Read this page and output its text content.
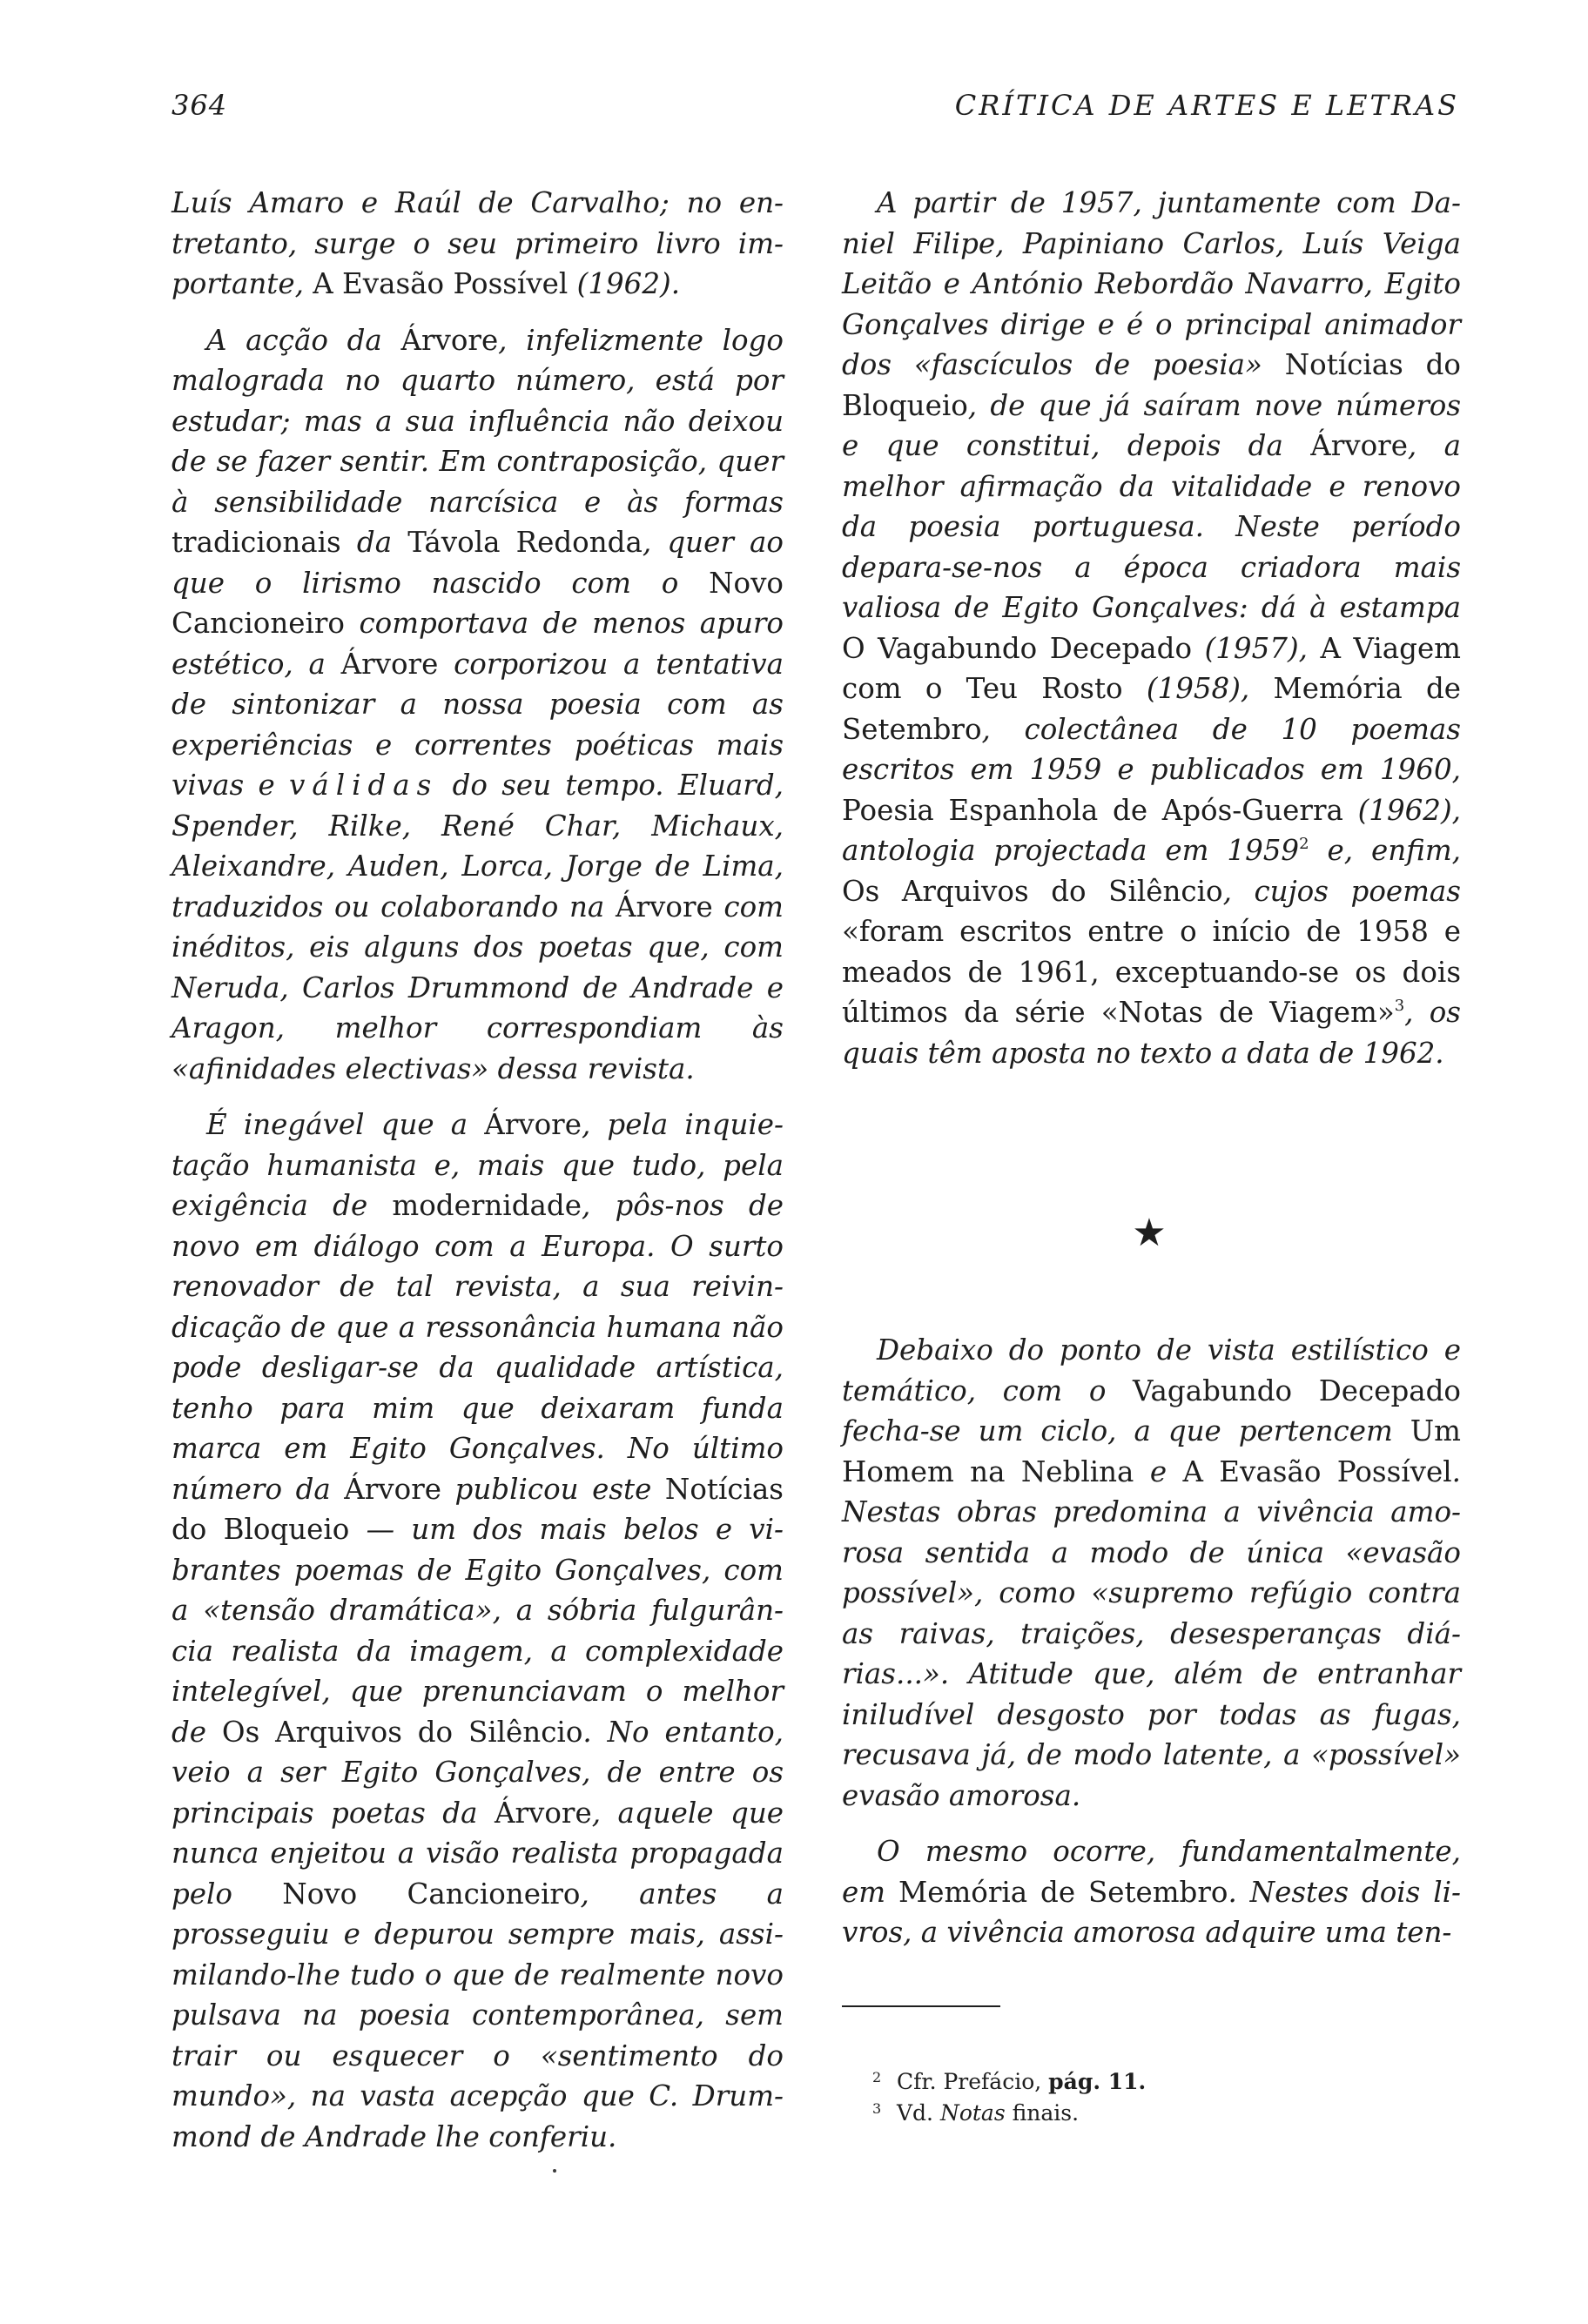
364	CRÍTICA DE ARTES E LETRAS

Luís Amaro e Raúl de Carvalho; no entretanto, surge o seu primeiro livro importante, A Evasão Possível (1962).

A acção da Árvore, infelizmente logo malograda no quarto número, está por estudar; mas a sua influência não deixou de se fazer sentir. Em contraposição, quer à sensibilidade narcísica e às formas tradicionais da Távola Redonda, quer ao que o lirismo nascido com o Novo Cancioneiro comportava de menos apuro estético, a Árvore corporizou a tentativa de sintonizar a nossa poesia com as experiências e correntes poéticas mais vivas e válidas do seu tempo. Eluard, Spender, Rilke, René Char, Michaux, Aleixandre, Auden, Lorca, Jorge de Lima, traduzidos ou colaborando na Árvore com inéditos, eis alguns dos poetas que, com Neruda, Carlos Drummond de Andrade e Aragon, melhor correspondiam às «afinidades electivas» dessa revista.

É inegável que a Árvore, pela inquietação humanista e, mais que tudo, pela exigência de modernidade, pôs-nos de novo em diálogo com a Europa. O surto renovador de tal revista, a sua reivindicação de que a ressonância humana não pode desligar-se da qualidade artística, tenho para mim que deixaram funda marca em Egito Gonçalves. No último número da Árvore publicou este Notícias do Bloqueio — um dos mais belos e vibrantes poemas de Egito Gonçalves, com a «tensão dramática», a sóbria fulgurância realista da imagem, a complexidade intelegível, que prenunciavam o melhor de Os Arquivos do Silêncio. No entanto, veio a ser Egito Gonçalves, de entre os principais poetas da Árvore, aquele que nunca enjeitou a visão realista propagada pelo Novo Cancioneiro, antes a prosseguiu e depurou sempre mais, assimilando-lhe tudo o que de realmente novo pulsava na poesia contemporânea, sem trair ou esquecer o «sentimento do mundo», na vasta acepção que C. Drummond de Andrade lhe conferiu.

A partir de 1957, juntamente com Daniel Filipe, Papiniano Carlos, Luís Veiga Leitão e António Rebordão Navarro, Egito Gonçalves dirige e é o principal animador dos «fascículos de poesia» Notícias do Bloqueio, de que já saíram nove números e que constitui, depois da Árvore, a melhor afirmação da vitalidade e renovo da poesia portuguesa. Neste período depara-se-nos a época criadora mais valiosa de Egito Gonçalves: dá à estampa O Vagabundo Decepado (1957), A Viagem com o Teu Rosto (1958), Memória de Setembro, colectânea de 10 poemas escritos em 1959 e publicados em 1960, Poesia Espanhola de Após-Guerra (1962), antologia projectada em 1959$^2$ e, enfim, Os Arquivos do Silêncio, cujos poemas «foram escritos entre o início de 1958 e meados de 1961, exceptuando-se os dois últimos da série «Notas de Viagem»$^3$, os quais têm aposta no texto a data de 1962.

★

Debaixo do ponto de vista estilístico e temático, com o Vagabundo Decepado fecha-se um ciclo, a que pertencem Um Homem na Neblina e A Evasão Possível. Nestas obras predomina a vivência amorosa sentida a modo de única «evasão possível», como «supremo refúgio contra as raivas, traições, desesperanças diárias...». Atitude que, além de entranhar iniludível desgosto por todas as fugas, recusava já, de modo latente, a «possível» evasão amorosa.

O mesmo ocorre, fundamentalmente, em Memória de Setembro. Nestes dois livros, a vivência amorosa adquire uma ten-

2 Cfr. Prefácio, pág. 11.
3 Vd. Notas finais.
